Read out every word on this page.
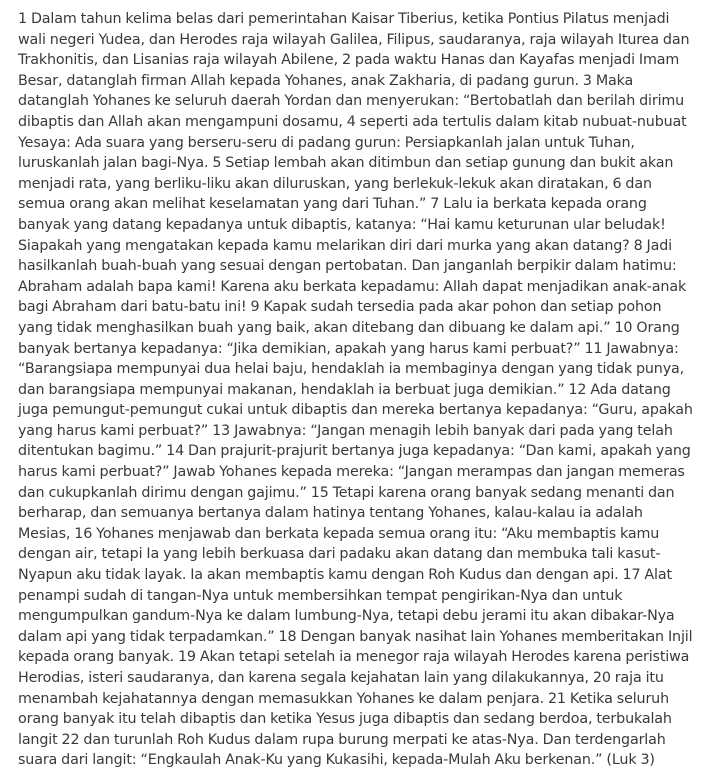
1 Dalam tahun kelima belas dari pemerintahan Kaisar Tiberius, ketika Pontius Pilatus menjadi
wali negeri Yudea, dan Herodes raja wilayah Galilea, Filipus, saudaranya, raja wilayah Iturea dan
Trakhonitis, dan Lisanias raja wilayah Abilene, 2 pada waktu Hanas dan Kayafas menjadi Imam
Besar, datanglah firman Allah kepada Yohanes, anak Zakharia, di padang gurun. 3 Maka
datanglah Yohanes ke seluruh daerah Yordan dan menyerukan: “Bertobatlah dan berilah dirimu
dibaptis dan Allah akan mengampuni dosamu, 4 seperti ada tertulis dalam kitab nubuat-nubuat
Yesaya: Ada suara yang berseru-seru di padang gurun: Persiapkanlah jalan untuk Tuhan,
luruskanlah jalan bagi-Nya. 5 Setiap lembah akan ditimbun dan setiap gunung dan bukit akan
menjadi rata, yang berliku-liku akan diluruskan, yang berlekuk-lekuk akan diratakan, 6 dan
semua orang akan melihat keselamatan yang dari Tuhan.” 7 Lalu ia berkata kepada orang
banyak yang datang kepadanya untuk dibaptis, katanya: “Hai kamu keturunan ular beludak!
Siapakah yang mengatakan kepada kamu melarikan diri dari murka yang akan datang? 8 Jadi
hasilkanlah buah-buah yang sesuai dengan pertobatan. Dan janganlah berpikir dalam hatimu:
Abraham adalah bapa kami! Karena aku berkata kepadamu: Allah dapat menjadikan anak-anak
bagi Abraham dari batu-batu ini! 9 Kapak sudah tersedia pada akar pohon dan setiap pohon
yang tidak menghasilkan buah yang baik, akan ditebang dan dibuang ke dalam api.” 10 Orang
banyak bertanya kepadanya: “Jika demikian, apakah yang harus kami perbuat?” 11 Jawabnya:
“Barangsiapa mempunyai dua helai baju, hendaklah ia membaginya dengan yang tidak punya,
dan barangsiapa mempunyai makanan, hendaklah ia berbuat juga demikian.” 12 Ada datang
juga pemungut-pemungut cukai untuk dibaptis dan mereka bertanya kepadanya: “Guru, apakah
yang harus kami perbuat?” 13 Jawabnya: “Jangan menagih lebih banyak dari pada yang telah
ditentukan bagimu.” 14 Dan prajurit-prajurit bertanya juga kepadanya: “Dan kami, apakah yang
harus kami perbuat?” Jawab Yohanes kepada mereka: “Jangan merampas dan jangan memeras
dan cukupkanlah dirimu dengan gajimu.” 15 Tetapi karena orang banyak sedang menanti dan
berharap, dan semuanya bertanya dalam hatinya tentang Yohanes, kalau-kalau ia adalah
Mesias, 16 Yohanes menjawab dan berkata kepada semua orang itu: “Aku membaptis kamu
dengan air, tetapi Ia yang lebih berkuasa dari padaku akan datang dan membuka tali kasut-
Nyapun aku tidak layak. Ia akan membaptis kamu dengan Roh Kudus dan dengan api. 17 Alat
penampi sudah di tangan-Nya untuk membersihkan tempat pengirikan-Nya dan untuk
mengumpulkan gandum-Nya ke dalam lumbung-Nya, tetapi debu jerami itu akan dibakar-Nya
dalam api yang tidak terpadamkan.” 18 Dengan banyak nasihat lain Yohanes memberitakan Injil
kepada orang banyak. 19 Akan tetapi setelah ia menegor raja wilayah Herodes karena peristiwa
Herodias, isteri saudaranya, dan karena segala kejahatan lain yang dilakukannya, 20 raja itu
menambah kejahatannya dengan memasukkan Yohanes ke dalam penjara. 21 Ketika seluruh
orang banyak itu telah dibaptis dan ketika Yesus juga dibaptis dan sedang berdoa, terbukalah
langit 22 dan turunlah Roh Kudus dalam rupa burung merpati ke atas-Nya. Dan terdengarlah
suara dari langit: “Engkaulah Anak-Ku yang Kukasihi, kepada-Mulah Aku berkenan.” (Luk 3)
